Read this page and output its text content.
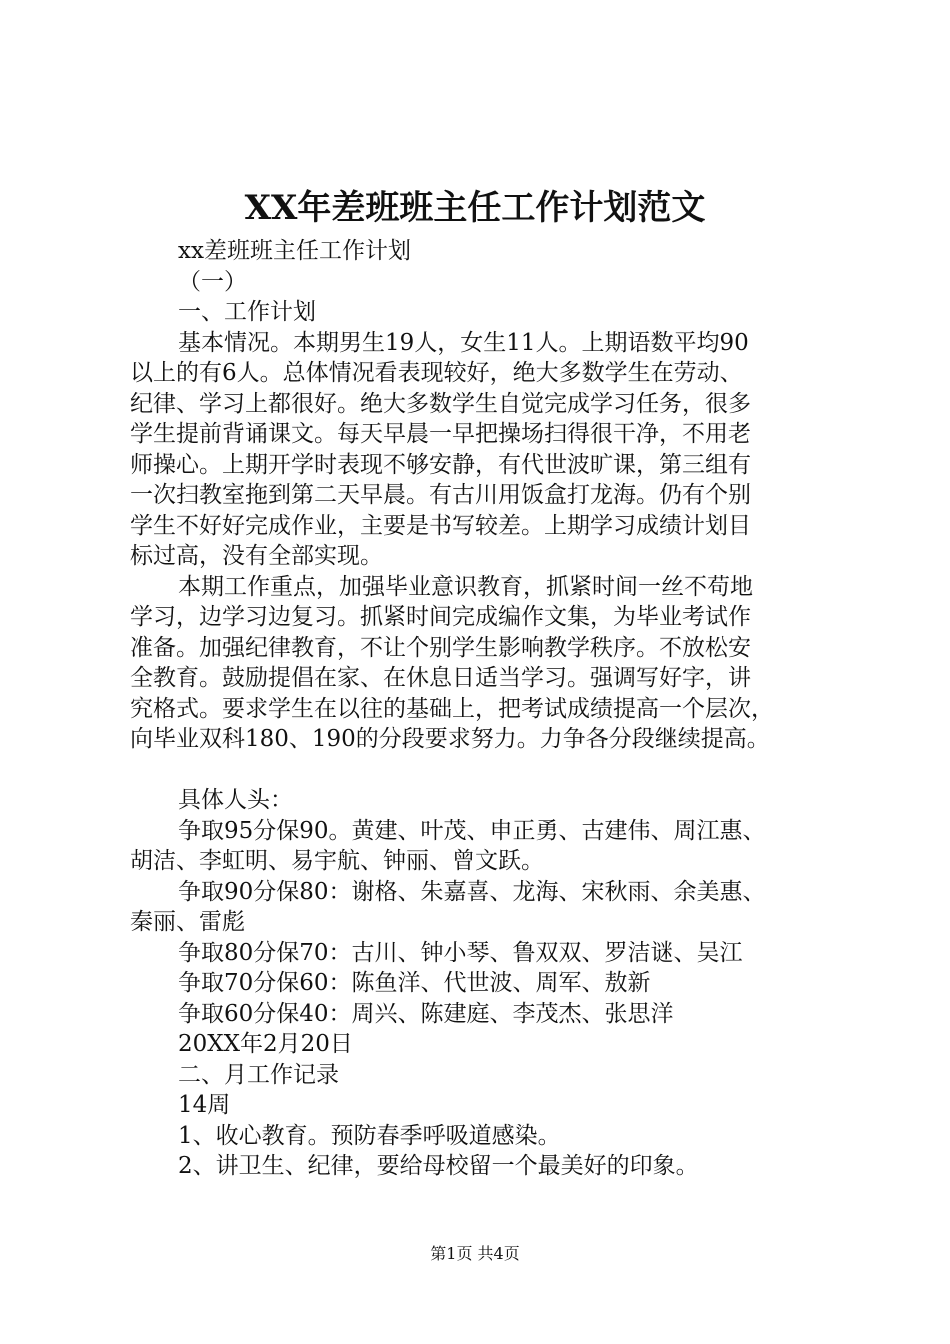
XX年差班班主任工作计划范文
xx差班班主任工作计划
（一）
一、工作计划
基本情况。本期男生19人，女生11人。上期语数平均90
以上的有6人。总体情况看表现较好，绝大多数学生在劳动、
纪律、学习上都很好。绝大多数学生自觉完成学习任务，很多
学生提前背诵课文。每天早晨一早把操场扫得很干净，不用老
师操心。上期开学时表现不够安静，有代世波旷课，第三组有
一次扫教室拖到第二天早晨。有古川用饭盒打龙海。仍有个别
学生不好好完成作业，主要是书写较差。上期学习成绩计划目
标过高，没有全部实现。
本期工作重点，加强毕业意识教育，抓紧时间一丝不苟地
学习，边学习边复习。抓紧时间完成编作文集，为毕业考试作
准备。加强纪律教育，不让个别学生影响教学秩序。不放松安
全教育。鼓励提倡在家、在休息日适当学习。强调写好字，讲
究格式。要求学生在以往的基础上，把考试成绩提高一个层次，
向毕业双科180、190的分段要求努力。力争各分段继续提高。
具体人头：
争取95分保90。黄建、叶茂、申正勇、古建伟、周江惠、
胡洁、李虹明、易宇航、钟丽、曾文跃。
争取90分保80：谢格、朱嘉喜、龙海、宋秋雨、余美惠、
秦丽、雷彪
争取80分保70：古川、钟小琴、鲁双双、罗洁谜、吴江
争取70分保60：陈鱼洋、代世波、周军、敖新
争取60分保40：周兴、陈建庭、李茂杰、张思洋
20XX年2月20日
二、月工作记录
14周
1、收心教育。预防春季呼吸道感染。
2、讲卫生、纪律，要给母校留一个最美好的印象。
第1页 共4页
